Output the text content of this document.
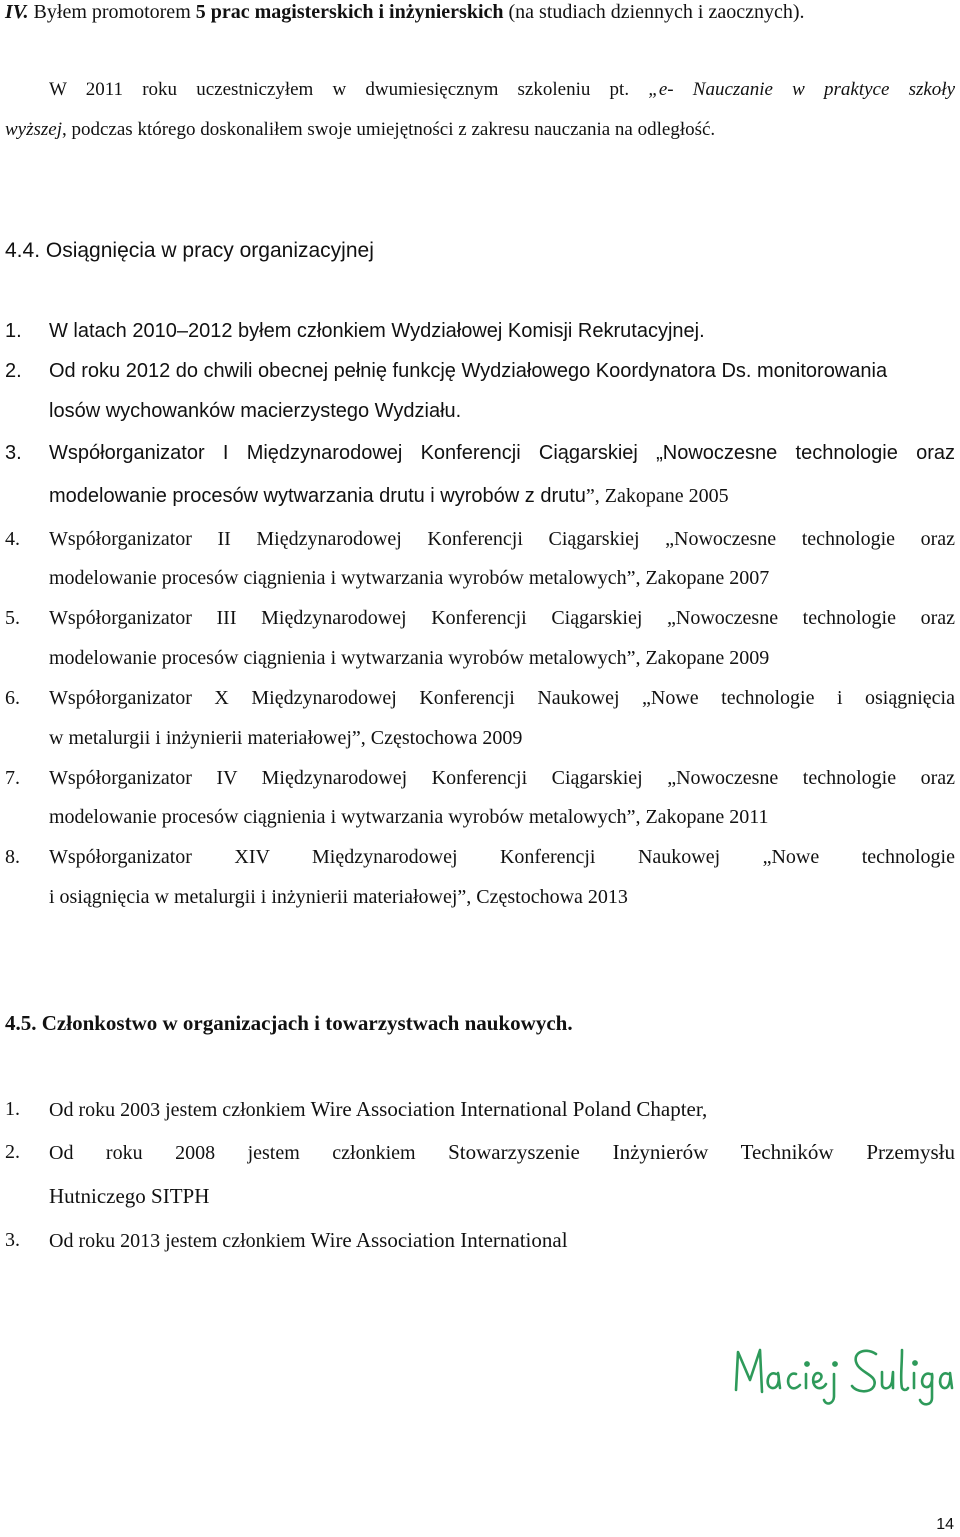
IV. Byłem promotorem 5 prac magisterskich i inżynierskich (na studiach dziennych i zaocznych).

W 2011 roku uczestniczyłem w dwumiesięcznym szkoleniu pt. „e- Nauczanie w praktyce szkoły

wyższej, podczas którego doskonaliłem swoje umiejętności z zakresu nauczania na odległość.

4.4. Osiągnięcia w pracy organizacyjnej
1. W latach 2010–2012 byłem członkiem Wydziałowej Komisji Rekrutacyjnej.
2. Od roku 2012 do chwili obecnej pełnię funkcję Wydziałowego Koordynatora Ds. monitorowania
losów wychowanków macierzystego Wydziału.
3. Współorganizator I Międzynarodowej Konferencji Ciągarskiej „Nowoczesne technologie oraz

modelowanie procesów wytwarzania drutu i wyrobów z drutu”, Zakopane 2005

4. Współorganizator II Międzynarodowej Konferencji Ciągarskiej „Nowoczesne technologie oraz

modelowanie procesów ciągnienia i wytwarzania wyrobów metalowych”, Zakopane 2007
5. Współorganizator III Międzynarodowej Konferencji Ciągarskiej „Nowoczesne technologie oraz

modelowanie procesów ciągnienia i wytwarzania wyrobów metalowych”, Zakopane 2009
6. Współorganizator X Międzynarodowej Konferencji Naukowej „Nowe technologie i osiągnięcia

w metalurgii i inżynierii materiałowej”, Częstochowa 2009
7. Współorganizator IV Międzynarodowej Konferencji Ciągarskiej „Nowoczesne technologie oraz

modelowanie procesów ciągnienia i wytwarzania wyrobów metalowych”, Zakopane 2011
8. Współorganizator XIV Międzynarodowej Konferencji Naukowej „Nowe technologie

i osiągnięcia w metalurgii i inżynierii materiałowej”, Częstochowa 2013
4.5. Członkostwo w organizacjach i towarzystwach naukowych.
1. Od roku 2003 jestem członkiem Wire Association International Poland Chapter,

2. Od roku 2008 jestem członkiem Stowarzyszenie Inżynierów Techników Przemysłu

Hutniczego SITPH
3. Od roku 2013 jestem członkiem Wire Association International

14
